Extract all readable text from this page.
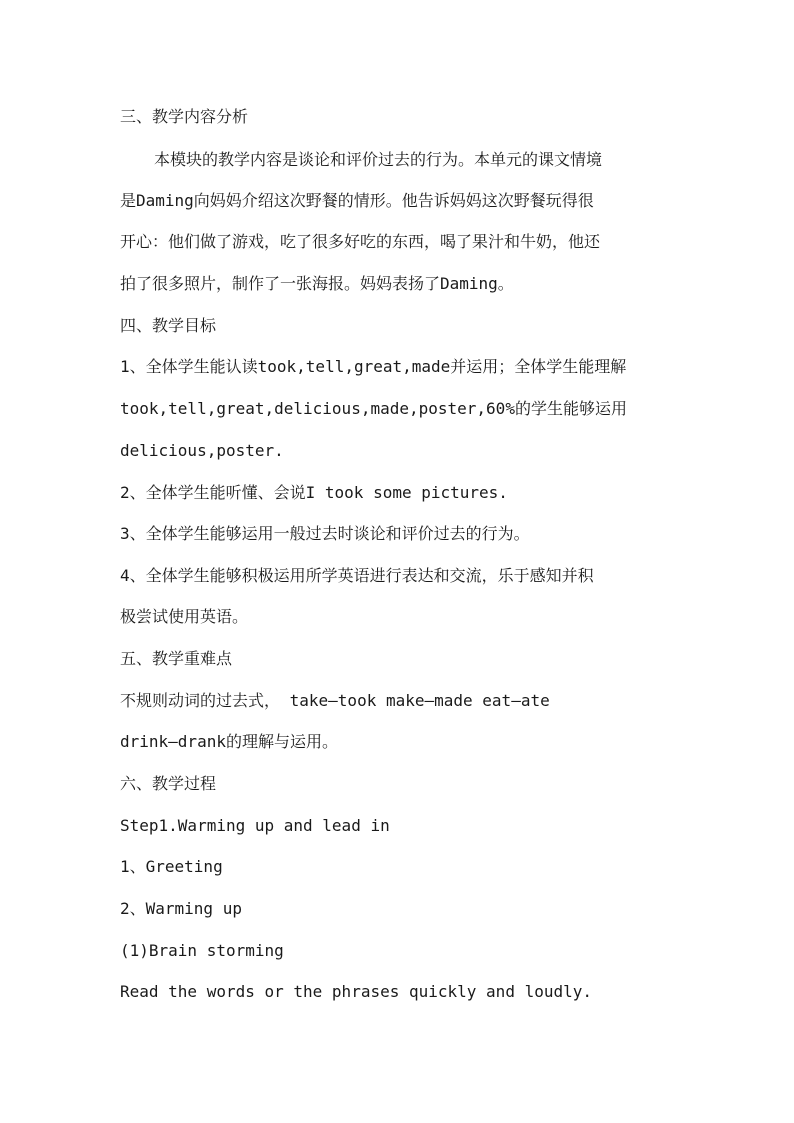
三、教学内容分析
本模块的教学内容是谈论和评价过去的行为。本单元的课文情境
是Daming向妈妈介绍这次野餐的情形。他告诉妈妈这次野餐玩得很
开心：他们做了游戏，吃了很多好吃的东西，喝了果汁和牛奶，他还
拍了很多照片，制作了一张海报。妈妈表扬了Daming。
四、教学目标
1、全体学生能认读took,tell,great,made并运用；全体学生能理解
took,tell,great,delicious,made,poster,60%的学生能够运用
delicious,poster.
2、全体学生能听懂、会说I took some pictures.
3、全体学生能够运用一般过去时谈论和评价过去的行为。
4、全体学生能够积极运用所学英语进行表达和交流，乐于感知并积
极尝试使用英语。
五、教学重难点
不规则动词的过去式， take—took make—made eat—ate
drink—drank的理解与运用。
六、教学过程
Step1.Warming up and lead in
1、Greeting
2、Warming up
(1)Brain storming
Read the words or the phrases quickly and loudly.
